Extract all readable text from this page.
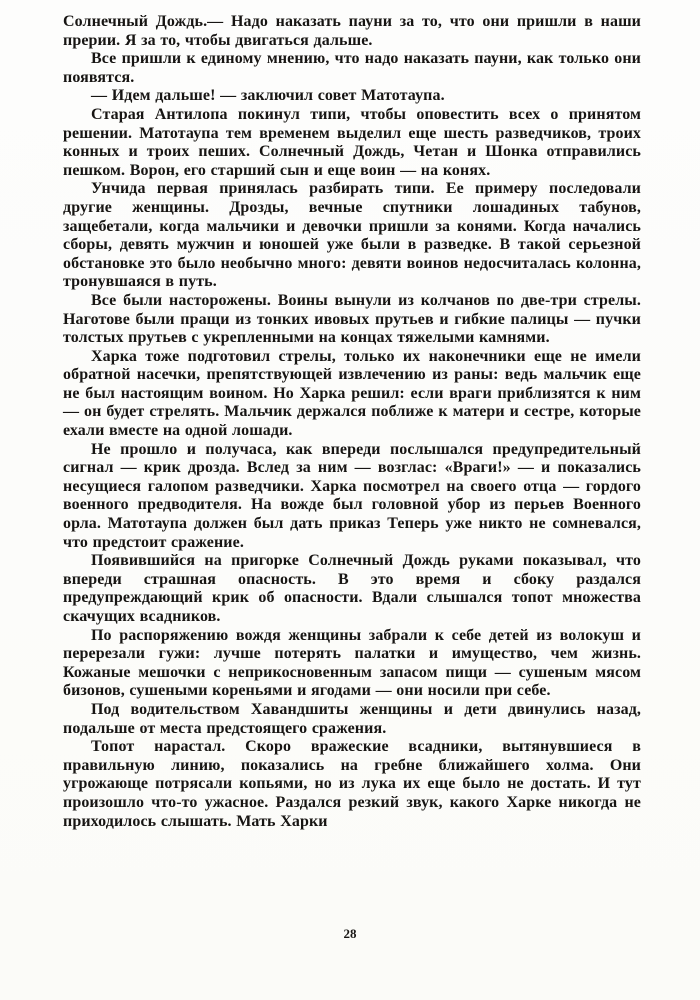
Солнечный Дождь.— Надо наказать пауни за то, что они пришли в наши прерии. Я за то, чтобы двигаться дальше.

Все пришли к единому мнению, что надо наказать пауни, как только они появятся.

— Идем дальше! — заключил совет Матотаупа.

Старая Антилопа покинул типи, чтобы оповестить всех о принятом решении. Матотаупа тем временем выделил еще шесть разведчиков, троих конных и троих пеших. Солнечный Дождь, Четан и Шонка отправились пешком. Ворон, его старший сын и еще воин — на конях.

Унчида первая принялась разбирать типи. Ее примеру последовали другие женщины. Дрозды, вечные спутники лошадиных табунов, защебетали, когда мальчики и девочки пришли за конями. Когда начались сборы, девять мужчин и юношей уже были в разведке. В такой серьезной обстановке это было необычно много: девяти воинов недосчиталась колонна, тронувшаяся в путь.

Все были насторожены. Воины вынули из колчанов по две-три стрелы. Наготове были пращи из тонких ивовых прутьев и гибкие палицы — пучки толстых прутьев с укрепленными на концах тяжелыми камнями.

Харка тоже подготовил стрелы, только их наконечники еще не имели обратной насечки, препятствующей извлечению из раны: ведь мальчик еще не был настоящим воином. Но Харка решил: если враги приблизятся к ним — он будет стрелять. Мальчик держался поближе к матери и сестре, которые ехали вместе на одной лошади.

Не прошло и получаса, как впереди послышался предупредительный сигнал — крик дрозда. Вслед за ним — возглас: «Враги!» — и показались несущиеся галопом разведчики. Харка посмотрел на своего отца — гордого военного предводителя. На вожде был головной убор из перьев Военного орла. Матотаупа должен был дать приказ Теперь уже никто не сомневался, что предстоит сражение.

Появившийся на пригорке Солнечный Дождь руками показывал, что впереди страшная опасность. В это время и сбоку раздался предупреждающий крик об опасности. Вдали слышался топот множества скачущих всадников.

По распоряжению вождя женщины забрали к себе детей из волокуш и перерезали гужи: лучше потерять палатки и имущество, чем жизнь. Кожаные мешочки с неприкосновенным запасом пищи — сушеным мясом бизонов, сушеными кореньями и ягодами — они носили при себе.

Под водительством Хавандшиты женщины и дети двинулись назад, подальше от места предстоящего сражения.

Топот нарастал. Скоро вражеские всадники, вытянувшиеся в правильную линию, показались на гребне ближайшего холма. Они угрожающе потрясали копьями, но из лука их еще было не достать. И тут произошло что-то ужасное. Раздался резкий звук, какого Харке никогда не приходилось слышать. Мать Харки

28
